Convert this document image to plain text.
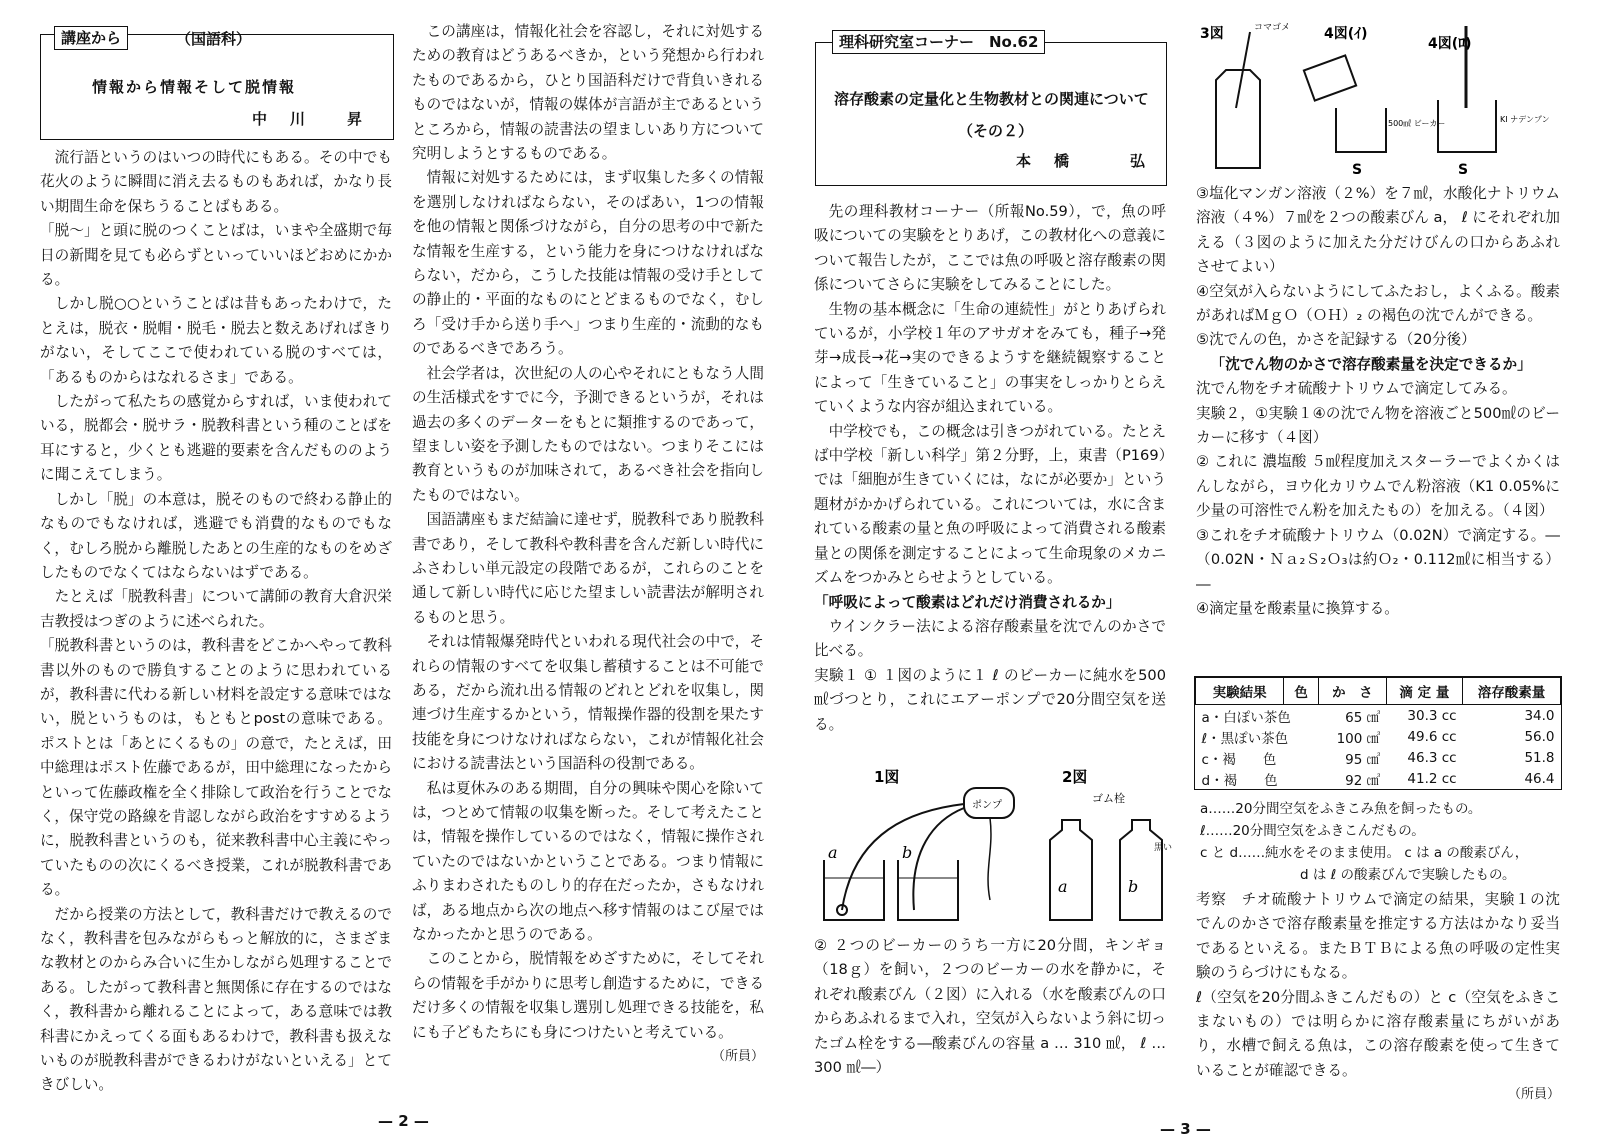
講座から	（国語科）
情報から情報そして脱情報
中　川　　昇

流行語というのはいつの時代にもある。その中でも花火のように瞬間に消え去るものもあれば，かなり長い期間生命を保ちうることばもある。

「脱～」と頭に脱のつくことばは，いまや全盛期で毎日の新聞を見ても必らずといっていいほどおめにかかる。

しかし脱○○ということばは昔もあったわけで，たとえは，脱衣・脱帽・脱毛・脱去と数えあげればきりがない，そしてここで使われている脱のすべては，「あるものからはなれるさま」である。

したがって私たちの感覚からすれば，いま使われている，脱都会・脱サラ・脱教科書という種のことばを耳にすると，少くとも逃避的要素を含んだもののように聞こえてしまう。

しかし「脱」の本意は，脱そのもので終わる静止的なものでもなければ，逃避でも消費的なものでもなく，むしろ脱から離脱したあとの生産的なものをめざしたものでなくてはならないはずである。

たとえば「脱教科書」について講師の教育大倉沢栄吉教授はつぎのように述べられた。

「脱教科書というのは，教科書をどこかへやって教科書以外のもので勝負することのように思われているが，教科書に代わる新しい材料を設定する意味ではない，脱というものは，もともとpostの意味である。ポストとは「あとにくるもの」の意で，たとえば，田中総理はポスト佐藤であるが，田中総理になったからといって佐藤政権を全く排除して政治を行うことでなく，保守党の路線を肯認しながら政治をすすめるように，脱教科書というのも，従来教科書中心主義にやっていたものの次にくるべき授業，これが脱教科書である。

だから授業の方法として，教科書だけで教えるのでなく，教科書を包みながらもっと解放的に，さまざまな教材とのからみ合いに生かしながら処理することである。したがって教科書と無関係に存在するのではなく，教科書から離れることによって，ある意味では教科書にかえってくる面もあるわけで，教科書も扱えないものが脱教科書ができるわけがないといえる」とてきびしい。

この講座は，情報化社会を容認し，それに対処するための教育はどうあるべきか，という発想から行われたものであるから，ひとり国語科だけで背負いきれるものではないが，情報の媒体が言語が主であるというところから，情報の読書法の望ましいあり方について究明しようとするものである。

情報に対処するためには，まず収集した多くの情報を選別しなければならない，そのばあい，1つの情報を他の情報と関係づけながら，自分の思考の中で新たな情報を生産する，という能力を身につけなければならない，だから，こうした技能は情報の受け手としての静止的・平面的なものにとどまるものでなく，むしろ「受け手から送り手へ」つまり生産的・流動的なものであるべきであろう。

社会学者は，次世紀の人の心やそれにともなう人間の生活様式をすでに今，予測できるというが，それは過去の多くのデーターをもとに類推するのであって，望ましい姿を予測したものではない。つまりそこには教育というものが加味されて，あるべき社会を指向したものではない。

国語講座もまだ結論に達せず，脱教科であり脱教科書であり，そして教科や教科書を含んだ新しい時代にふさわしい単元設定の段階であるが，これらのことを通して新しい時代に応じた望ましい読書法が解明されるものと思う。

それは情報爆発時代といわれる現代社会の中で，それらの情報のすべてを収集し蓄積することは不可能である，だから流れ出る情報のどれとどれを収集し，関連づけ生産するかという，情報操作器的役割を果たす技能を身につけなければならない，これが情報化社会における読書法という国語科の役割である。

私は夏休みのある期間，自分の興味や関心を除いては，つとめて情報の収集を断った。そして考えたことは，情報を操作しているのではなく，情報に操作されていたのではないかということである。つまり情報にふりまわされたものしり的存在だったか，さもなければ，ある地点から次の地点へ移す情報のはこび屋ではなかったかと思うのである。

このことから，脱情報をめざすために，そしてそれらの情報を手がかりに思考し創造するために，できるだけ多くの情報を収集し選別し処理できる技能を，私にも子どもたちにも身につけたいと考えている。

（所員）

— 2 —
理科研究室コーナー　No.62
溶存酸素の定量化と生物教材との関連について
（その２）
本　橋　　　弘

先の理科教材コーナー（所報No.59），で，魚の呼吸についての実験をとりあげ，この教材化への意義について報告したが，ここでは魚の呼吸と溶存酸素の関係についてさらに実験をしてみることにした。

生物の基本概念に「生命の連続性」がとりあげられているが，小学校１年のアサガオをみても，種子→発芽→成長→花→実のできるようすを継続観察することによって「生きていること」の事実をしっかりとらえていくような内容が組込まれている。

中学校でも，この概念は引きつがれている。たとえば中学校「新しい科学」第２分野，上，東書（P169）では「細胞が生きていくには，なにが必要か」という題材がかかげられている。これについては，水に含まれている酸素の量と魚の呼吸によって消費される酸素量との関係を測定することによって生命現象のメカニズムをつかみとらせようとしている。

「呼吸によって酸素はどれだけ消費されるか」

ウインクラー法による溶存酸素量を沈でんのかさで比べる。

実験１ ① １図のように１ ℓ のビーカーに純水を500㎖づつとり，これにエアーポンプで20分間空気を送る。

1図	2図
ポンプ
a	b
ゴム栓
黒い
a	b

② ２つのビーカーのうち一方に20分間，キンギョ（18ｇ）を飼い，２つのビーカーの水を静かに，それぞれ酸素びん（２図）に入れる（水を酸素びんの口からあふれるまで入れ，空気が入らないよう斜に切ったゴム栓をする―酸素びんの容量 a … 310 ㎖， ℓ … 300 ㎖―）

3図	コマゴメ 4図(ｲ)
500㎖ ビーカー
S
4図(ﾛ)
KI ナデンプン
S

③塩化マンガン溶液（２%）を７㎖，水酸化ナトリウム溶液（４%）７㎖を２つの酸素びん a， ℓ にそれぞれ加える（３図のように加えた分だけびんの口からあふれさせてよい）

④空気が入らないようにしてふたおし，よくふる。酸素があればＭｇＯ（ＯＨ）₂ の褐色の沈でんができる。

⑤沈でんの色，かさを記録する（20分後）

「沈でん物のかさで溶存酸素量を決定できるか」

沈でん物をチオ硫酸ナトリウムで滴定してみる。

実験２，①実験１④の沈でん物を溶液ごと500㎖のビーカーに移す（４図）

② これに 濃塩酸 ５㎖程度加えスターラーでよくかくはんしながら，ヨウ化カリウムでん粉溶液（K1 0.05%に少量の可溶性でん粉を加えたもの）を加える。（４図）

③これをチオ硫酸ナトリウム（0.02N）で滴定する。―（0.02N・Ｎａ₂Ｓ₂Ｏ₃は約Ｏ₂・0.112㎖に相当する）―

④滴定量を酸素量に換算する。

実験結果	色	か　さ	滴 定 量	溶存酸素量
a・白ぽい茶色		65 ㎤	30.3 cc	34.0
ℓ・黒ぽい茶色		100 ㎤	49.6 cc	56.0
c・褐　　色		95 ㎤	46.3 cc	51.8
d・褐　　色		92 ㎤	41.2 cc	46.4
a……20分間空気をふきこみ魚を飼ったもの。
ℓ……20分間空気をふきこんだもの。
c と d……純水をそのまま使用。 c は a の酸素びん，
d は ℓ の酸素びんで実験したもの。

考察　チオ硫酸ナトリウムで滴定の結果，実験１の沈でんのかさで溶存酸素量を推定する方法はかなり妥当であるといえる。またＢＴＢによる魚の呼吸の定性実験のうらづけにもなる。

ℓ（空気を20分間ふきこんだもの）と c（空気をふきこまないもの）では明らかに溶存酸素量にちがいがあり，水槽で飼える魚は，この溶存酸素を使って生きていることが確認できる。

（所員）

— 3 —
